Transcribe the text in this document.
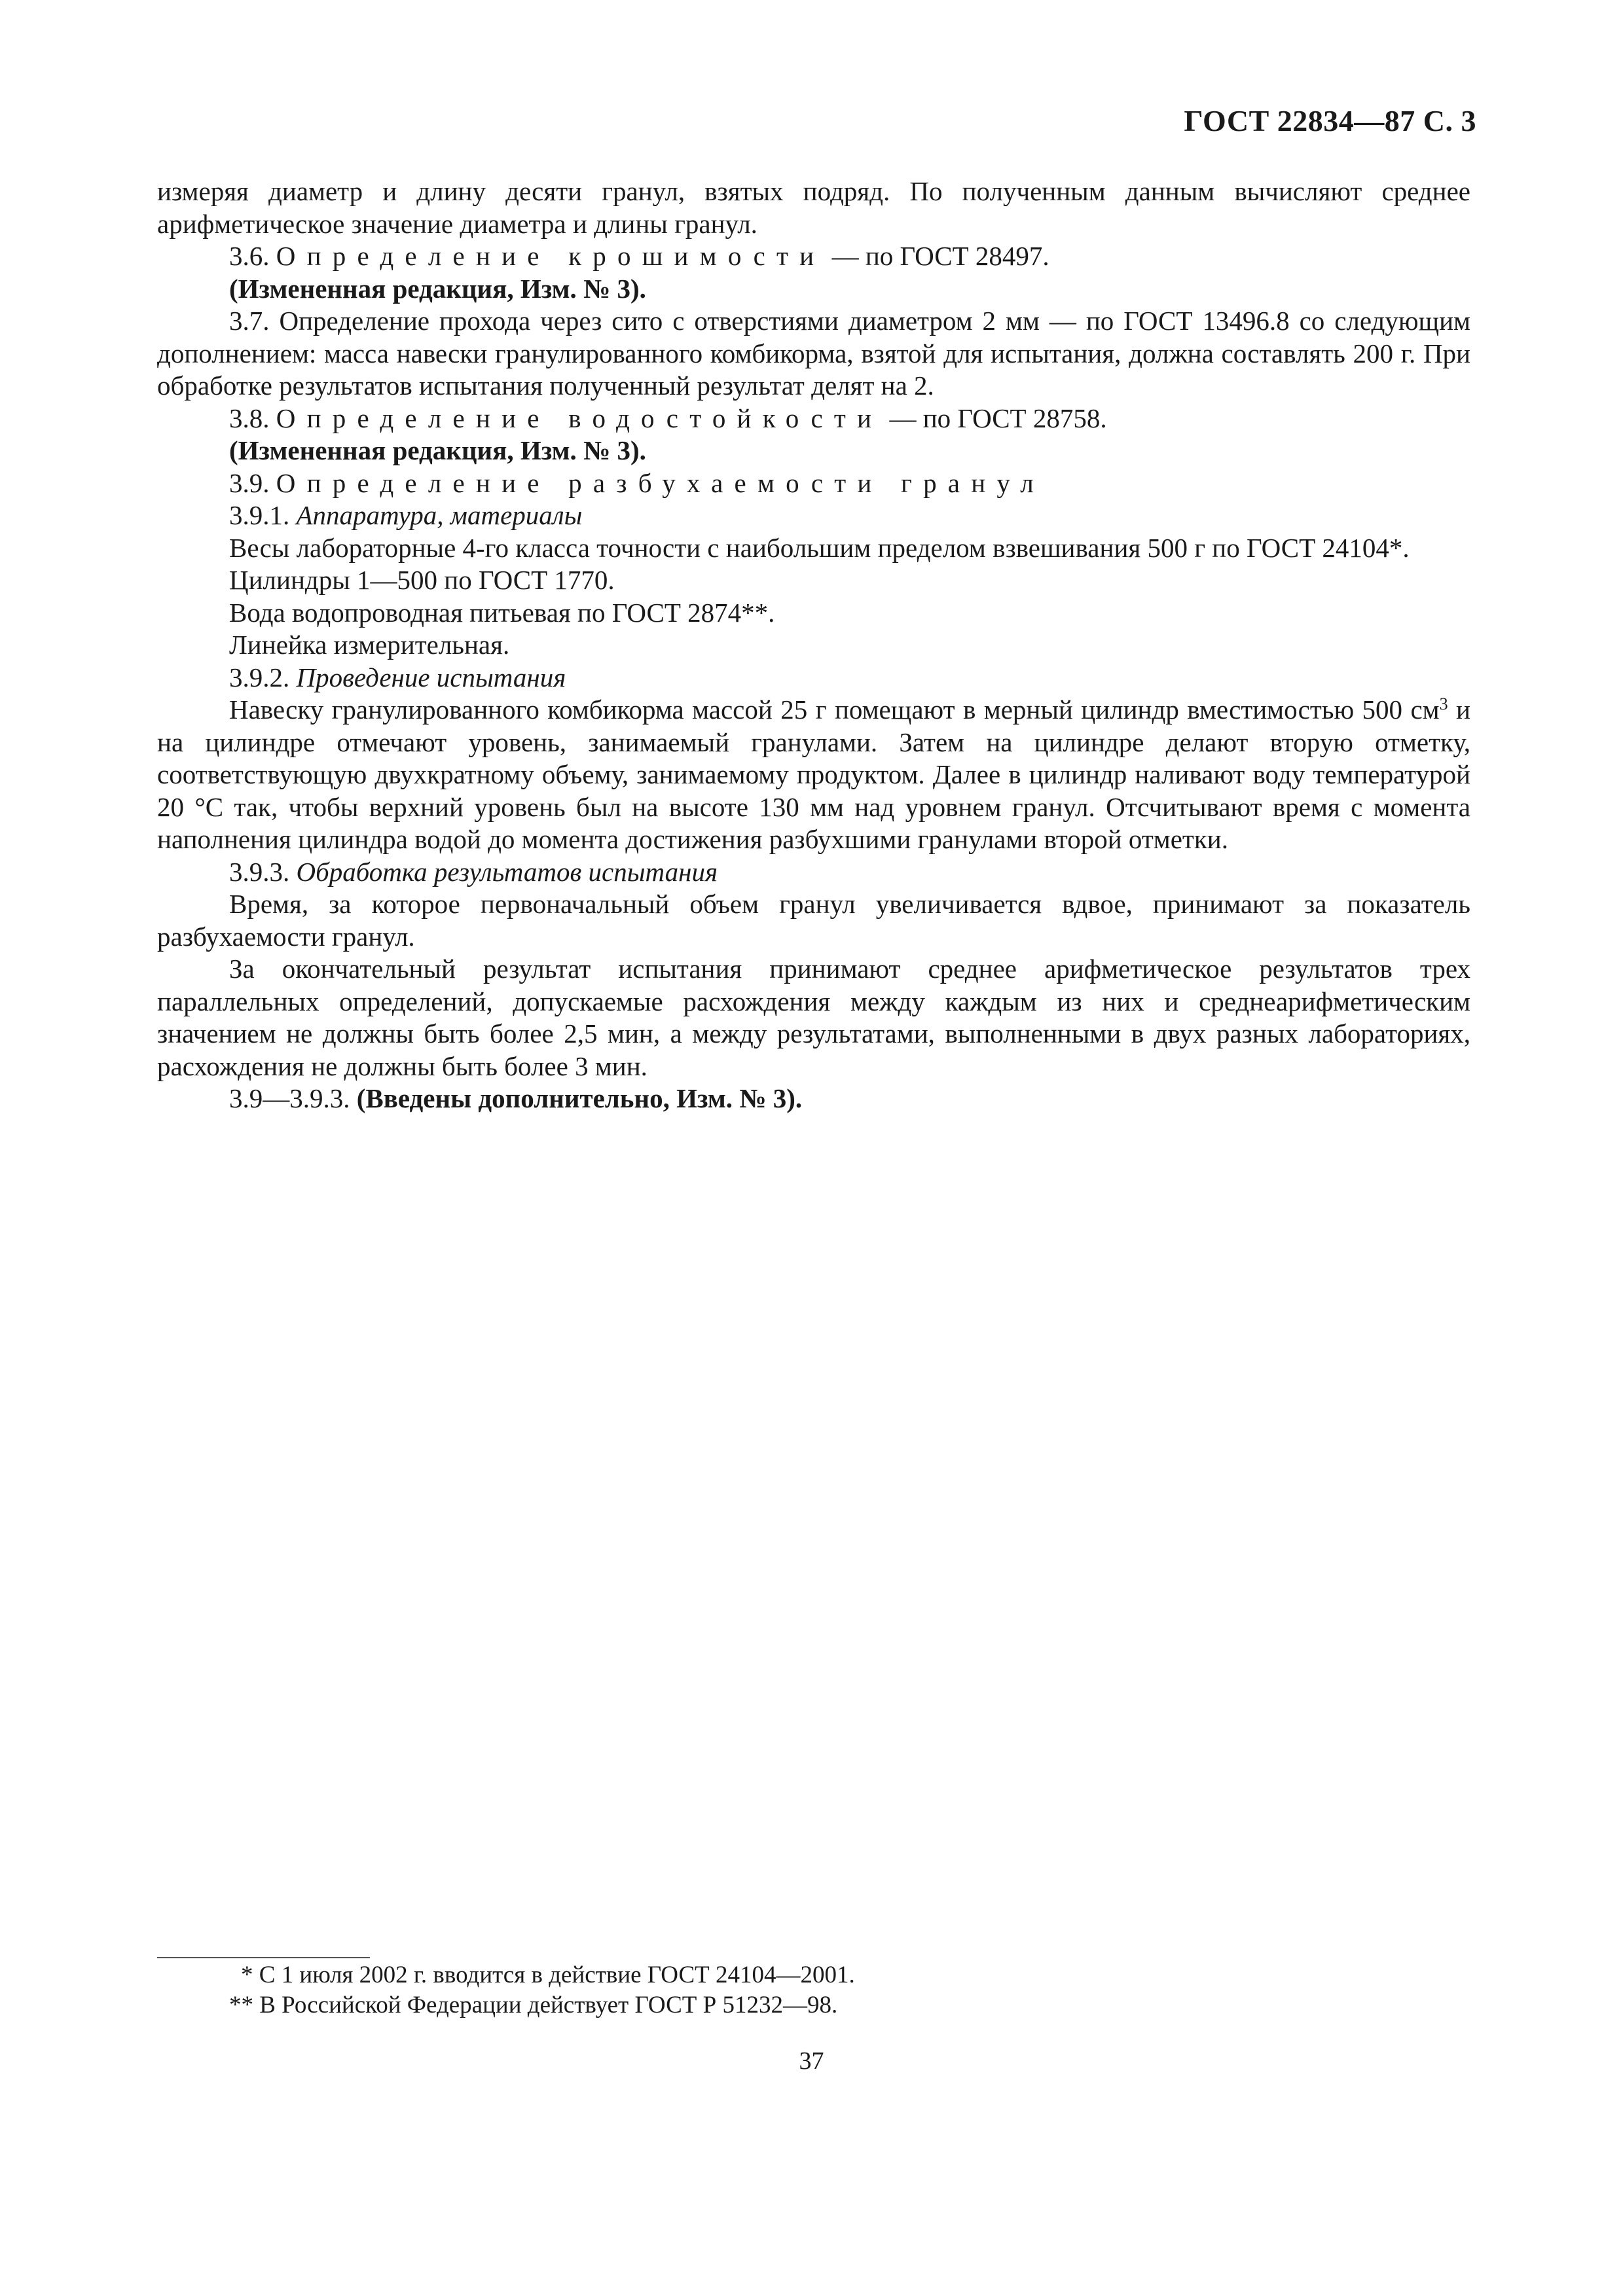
ГОСТ 22834—87 С. 3

измеряя диаметр и длину десяти гранул, взятых подряд. По полученным данным вычисляют среднее арифметическое значение диаметра и длины гранул.

3.6. Определение крошимости — по ГОСТ 28497.

(Измененная редакция, Изм. № 3).

3.7. Определение прохода через сито с отверстиями диаметром 2 мм — по ГОСТ 13496.8 со следующим дополнением: масса навески гранулированного комбикорма, взятой для испытания, должна составлять 200 г. При обработке результатов испытания полученный результат делят на 2.

3.8. Определение водостойкости — по ГОСТ 28758.

(Измененная редакция, Изм. № 3).

3.9. Определение разбухаемости гранул

3.9.1. Аппаратура, материалы

Весы лабораторные 4-го класса точности с наибольшим пределом взвешивания 500 г по ГОСТ 24104*.

Цилиндры 1—500 по ГОСТ 1770.

Вода водопроводная питьевая по ГОСТ 2874**.

Линейка измерительная.

3.9.2. Проведение испытания

Навеску гранулированного комбикорма массой 25 г помещают в мерный цилиндр вместимостью 500 $см^3$ и на цилиндре отмечают уровень, занимаемый гранулами. Затем на цилиндре делают вторую отметку, соответствующую двухкратному объему, занимаемому продуктом. Далее в цилиндр наливают воду температурой 20 °С так, чтобы верхний уровень был на высоте 130 мм над уровнем гранул. Отсчитывают время с момента наполнения цилиндра водой до момента достижения разбухшими гранулами второй отметки.

3.9.3. Обработка результатов испытания

Время, за которое первоначальный объем гранул увеличивается вдвое, принимают за показатель разбухаемости гранул.

За окончательный результат испытания принимают среднее арифметическое результатов трех параллельных определений, допускаемые расхождения между каждым из них и среднеарифметическим значением не должны быть более 2,5 мин, а между результатами, выполненными в двух разных лабораториях, расхождения не должны быть более 3 мин.

3.9—3.9.3. (Введены дополнительно, Изм. № 3).

* С 1 июля 2002 г. вводится в действие ГОСТ 24104—2001.

** В Российской Федерации действует ГОСТ Р 51232—98.

37
